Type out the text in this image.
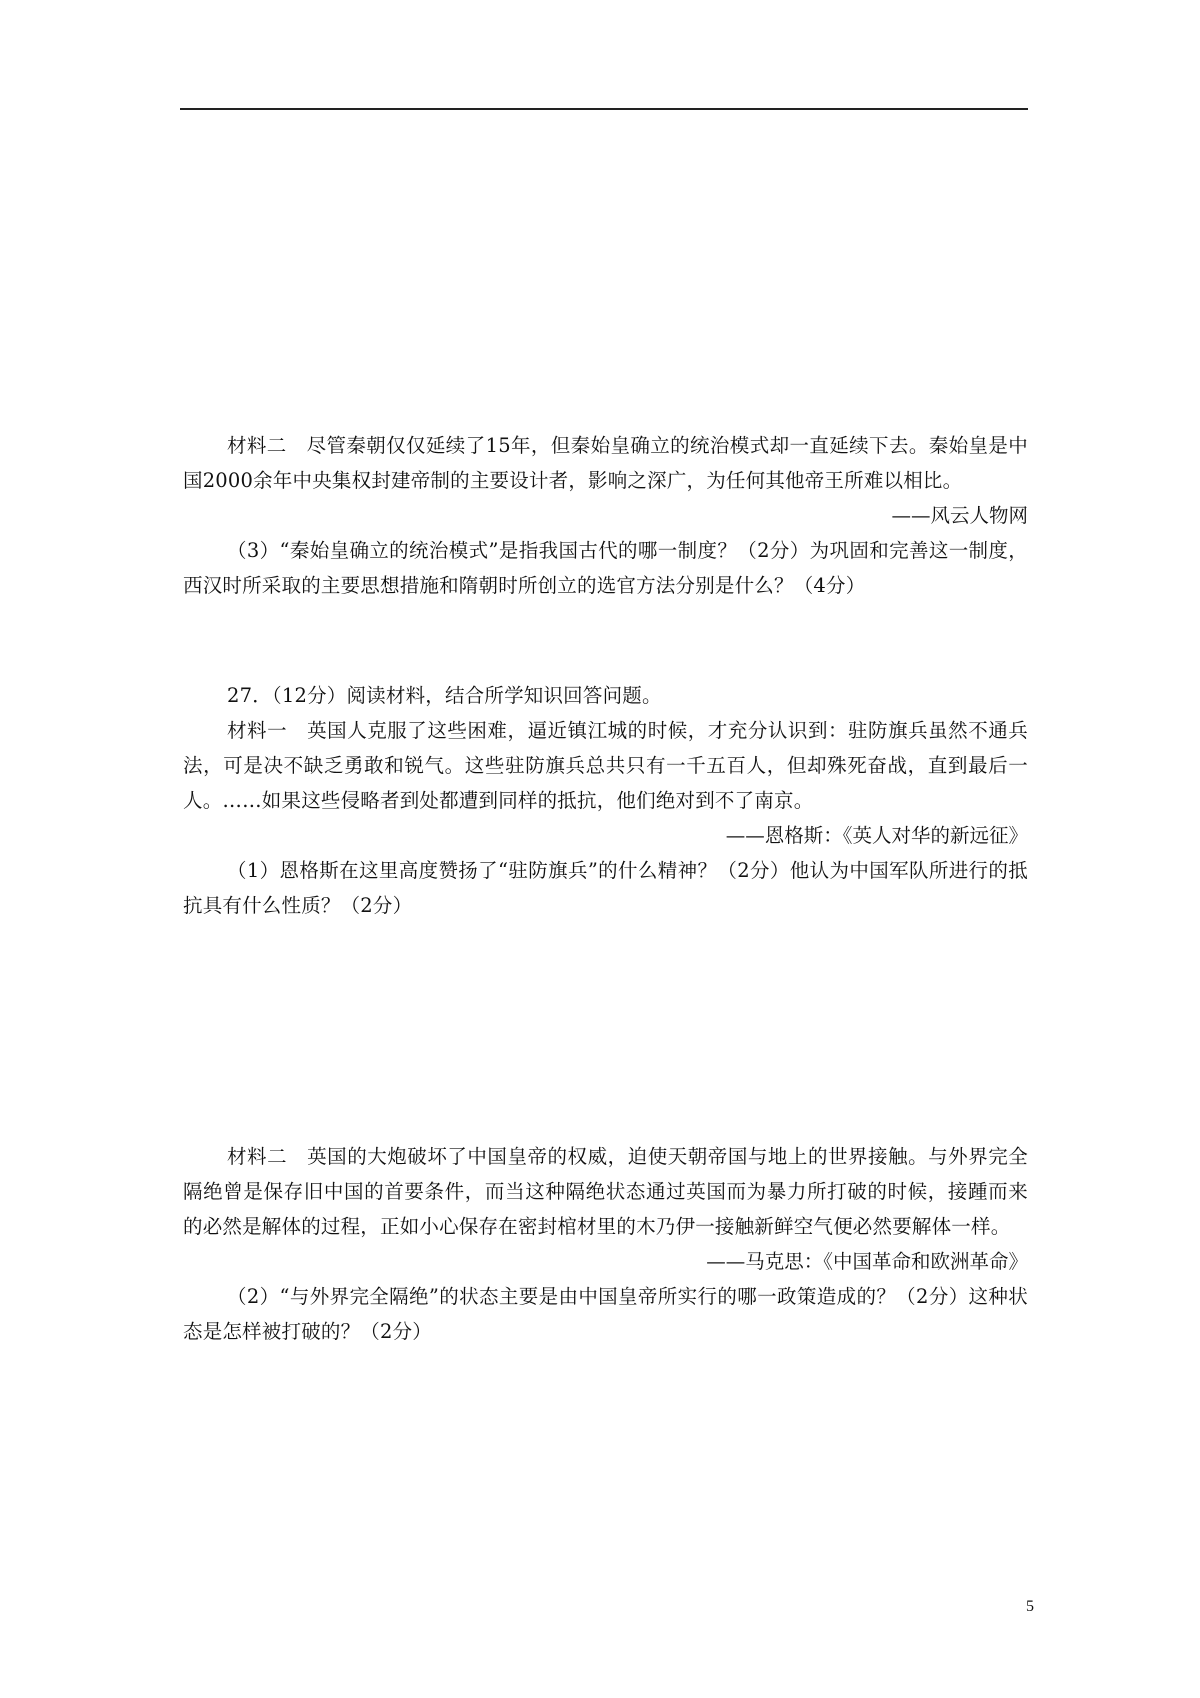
材料二　尽管秦朝仅仅延续了15年，但秦始皇确立的统治模式却一直延续下去。秦始皇是中国2000余年中央集权封建帝制的主要设计者，影响之深广，为任何其他帝王所难以相比。

——风云人物网

（3）“秦始皇确立的统治模式”是指我国古代的哪一制度？（2分）为巩固和完善这一制度，西汉时所采取的主要思想措施和隋朝时所创立的选官方法分别是什么？（4分）

27．（12分）阅读材料，结合所学知识回答问题。

材料一　英国人克服了这些困难，逼近镇江城的时候，才充分认识到：驻防旗兵虽然不通兵法，可是决不缺乏勇敢和锐气。这些驻防旗兵总共只有一千五百人，但却殊死奋战，直到最后一人。……如果这些侵略者到处都遭到同样的抵抗，他们绝对到不了南京。

——恩格斯：《英人对华的新远征》

（1）恩格斯在这里高度赞扬了“驻防旗兵”的什么精神？（2分）他认为中国军队所进行的抵抗具有什么性质？（2分）

材料二　英国的大炮破坏了中国皇帝的权威，迫使天朝帝国与地上的世界接触。与外界完全隔绝曾是保存旧中国的首要条件，而当这种隔绝状态通过英国而为暴力所打破的时候，接踵而来的必然是解体的过程，正如小心保存在密封棺材里的木乃伊一接触新鲜空气便必然要解体一样。

——马克思：《中国革命和欧洲革命》

（2）“与外界完全隔绝”的状态主要是由中国皇帝所实行的哪一政策造成的？（2分）这种状态是怎样被打破的？（2分）

5
